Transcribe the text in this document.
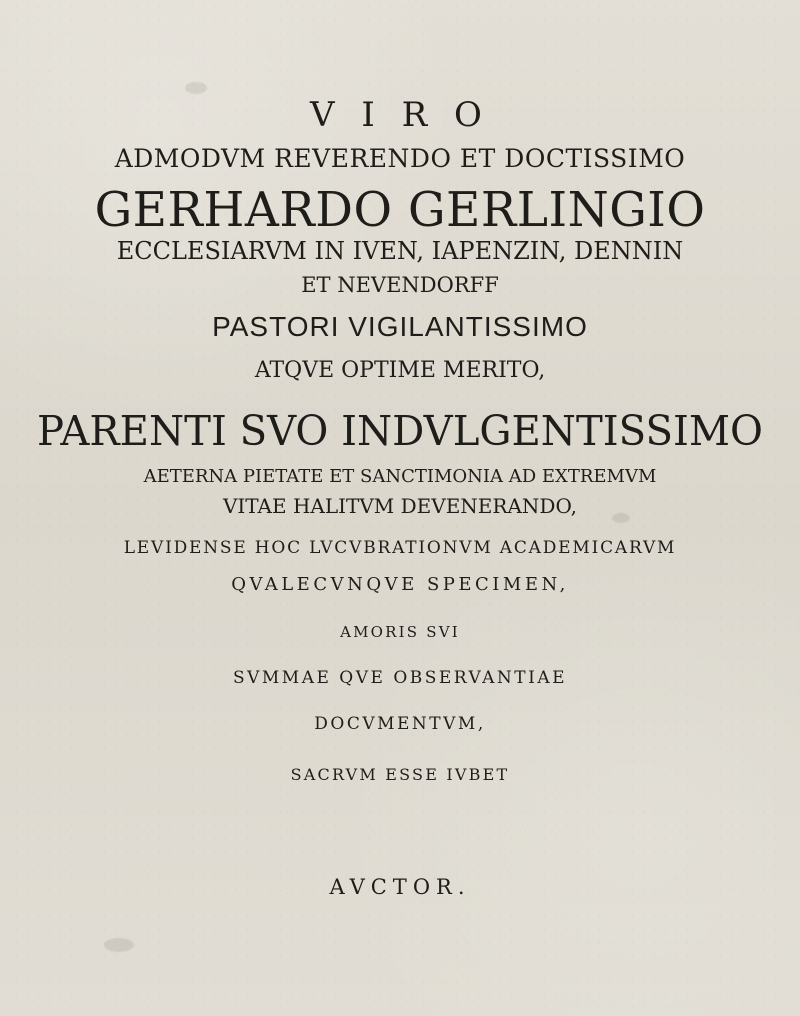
V I R O
ADMODVM REVERENDO ET DOCTISSIMO
GERHARDO GERLINGIO
ECCLESIARVM IN IVEN, IAPENZIN, DENNIN
ET NEVENDORFF
PASTORI VIGILANTISSIMO
ATQVE OPTIME MERITO,
PARENTI SVO INDVLGENTISSIMO
AETERNA PIETATE ET SANCTIMONIA AD EXTREMVM
VITAE HALITVM DEVENERANDO,
LEVIDENSE HOC LVCVBRATIONVM ACADEMICARVM
QVALECVNQVE SPECIMEN,
AMORIS SVI
SVMMAE QVE OBSERVANTIAE
DOCVMENTVM,
SACRVM ESSE IVBET
AVCTOR.
